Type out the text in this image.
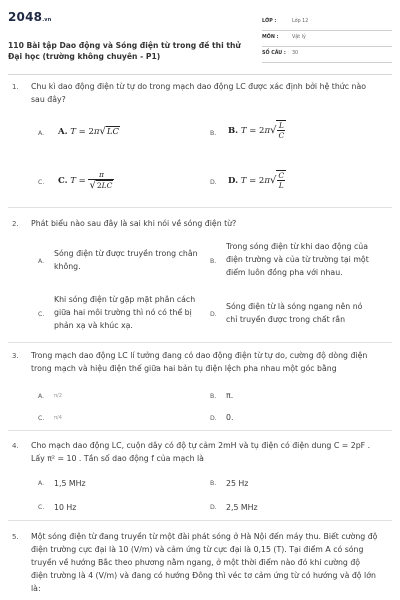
2048.vn
110 Bài tập Dao động và Sóng điện từ trong đề thi thử Đại học (trường không chuyên - P1)
LỚP :	Lớp 12
MÔN :	Vật lý
SỐ CÂU : 30
1. Chu kì dao động điện từ tự do trong mạch dao động LC được xác định bởi hệ thức nào sau đây?
A. A. T = 2π√LC	B. B. $T = 2\pi√ \frac{L}{C}$
C. C. $T = \frac{\pi}{√2LC}$	D. D. $T = 2\pi√ \frac{C}{L}$
2. Phát biểu nào sau đây là sai khi nói về sóng điện từ?
A.
Sóng điện từ được truyền trong chân không.
B.
Trong sóng điện từ khi dao động của điện trường và của từ trường tại một điểm luôn đồng pha với nhau.
C.
Khi sóng điện từ gặp mặt phân cách giữa hai môi trường thì nó có thể bị phản xạ và khúc xạ.
D.
Sóng điện từ là sóng ngang nên nó chỉ truyền được trong chất rắn
3. Trong mạch dao động LC lí tưởng đang có dao động điện từ tự do, cường độ dòng điện trong mạch và hiệu điện thế giữa hai bản tụ điện lệch pha nhau một góc bằng
A. π/2	B. π.
C. π/4	D. 0.
4. Cho mạch dao động LC, cuộn dây có độ tự cảm 2mH và tụ điện có điện dung C = 2pF . Lấy π² = 10 . Tần số dao động f của mạch là
A. 1,5 MHz	B. 25 Hz
C. 10 Hz	D. 2,5 MHz
5. Một sóng điện từ đang truyền từ một đài phát sóng ở Hà Nội đến máy thu. Biết cường độ điện trường cực đại là 10 (V/m) và cảm ứng từ cực đại là 0,15 (T). Tại điểm A có sóng truyền về hướng Bắc theo phương nằm ngang, ở một thời điểm nào đó khi cường độ điện trường là 4 (V/m) và đang có hướng Đông thì véc tơ cảm ứng từ có hướng và độ lớn là:
